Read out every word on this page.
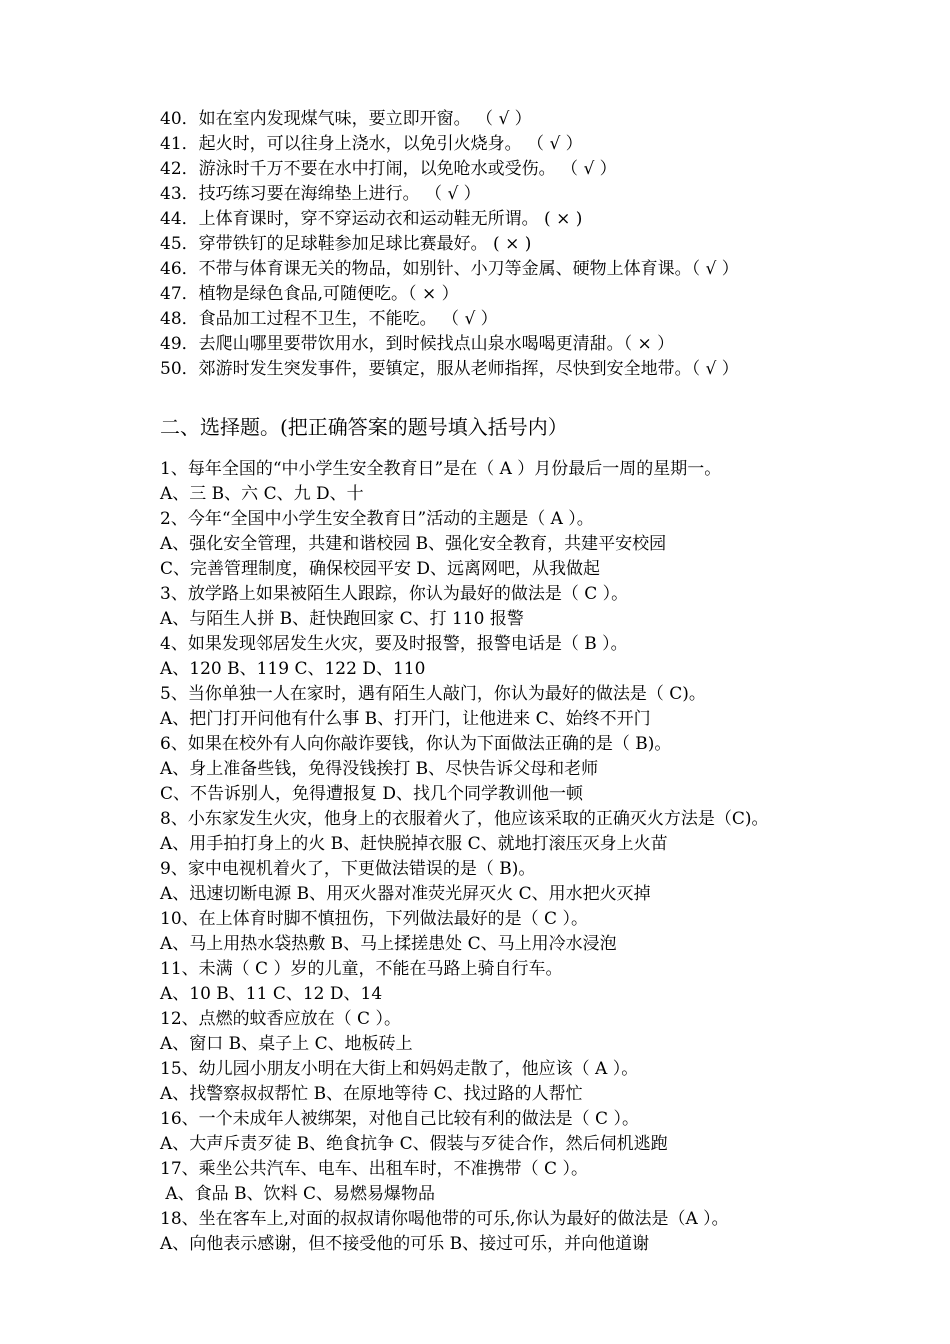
40．如在室内发现煤气味，要立即开窗。 （ √ ）
41．起火时，可以往身上浇水，以免引火烧身。 （ √ ）
42．游泳时千万不要在水中打闹，以免呛水或受伤。 （ √ ）
43．技巧练习要在海绵垫上进行。 （ √ ）
44．上体育课时，穿不穿运动衣和运动鞋无所谓。 ( × )
45．穿带铁钉的足球鞋参加足球比赛最好。 ( × )
46．不带与体育课无关的物品，如别针、小刀等金属、硬物上体育课。（ √ ）
47．植物是绿色食品,可随便吃。（ × ）
48．食品加工过程不卫生，不能吃。 （ √ ）
49．去爬山哪里要带饮用水，到时候找点山泉水喝喝更清甜。（ × ）
50．郊游时发生突发事件，要镇定，服从老师指挥，尽快到安全地带。（ √ ）
二、选择题。(把正确答案的题号填入括号内）
1、每年全国的“中小学生安全教育日”是在（ A ）月份最后一周的星期一。
A、三 B、六 C、九 D、十
2、今年“全国中小学生安全教育日”活动的主题是（ A ）。
A、强化安全管理，共建和谐校园 B、强化安全教育，共建平安校园
C、完善管理制度，确保校园平安 D、远离网吧，从我做起
3、放学路上如果被陌生人跟踪，你认为最好的做法是（ C ）。
A、与陌生人拼 B、赶快跑回家 C、打 110 报警
4、如果发现邻居发生火灾，要及时报警，报警电话是（ B ）。
A、120 B、119 C、122 D、110
5、当你单独一人在家时，遇有陌生人敲门，你认为最好的做法是（ C)。
A、把门打开问他有什么事 B、打开门，让他进来 C、始终不开门
6、如果在校外有人向你敲诈要钱，你认为下面做法正确的是（ B)。
A、身上准备些钱，免得没钱挨打 B、尽快告诉父母和老师
C、不告诉别人，免得遭报复 D、找几个同学教训他一顿
8、小东家发生火灾，他身上的衣服着火了，他应该采取的正确灭火方法是（C)。
A、用手拍打身上的火 B、赶快脱掉衣服 C、就地打滚压灭身上火苗
9、家中电视机着火了，下更做法错误的是（ B)。
A、迅速切断电源 B、用灭火器对准荧光屏灭火 C、用水把火灭掉
10、在上体育时脚不慎扭伤，下列做法最好的是（ C ）。
A、马上用热水袋热敷 B、马上揉搓患处 C、马上用冷水浸泡
11、未满（ C ）岁的儿童，不能在马路上骑自行车。
A、10 B、11 C、12 D、14
12、点燃的蚊香应放在（ C ）。
A、窗口 B、桌子上 C、地板砖上
15、幼儿园小朋友小明在大街上和妈妈走散了，他应该（ A ）。
A、找警察叔叔帮忙 B、在原地等待 C、找过路的人帮忙
16、一个未成年人被绑架，对他自己比较有利的做法是（ C ）。
A、大声斥责歹徒 B、绝食抗争 C、假装与歹徒合作，然后伺机逃跑
17、乘坐公共汽车、电车、出租车时，不准携带（ C ）。
A、食品 B、饮料 C、易燃易爆物品
18、坐在客车上,对面的叔叔请你喝他带的可乐,你认为最好的做法是（A ）。
A、向他表示感谢，但不接受他的可乐 B、接过可乐，并向他道谢
